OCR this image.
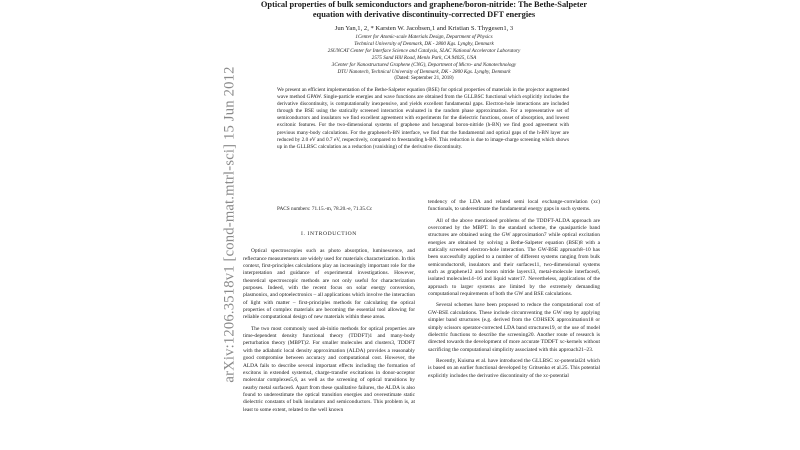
arXiv:1206.3518v1 [cond-mat.mtrl-sci] 15 Jun 2012
Optical properties of bulk semiconductors and graphene/boron-nitride: The Bethe-Salpeter equation with derivative discontinuity-corrected DFT energies
Jun Yan,1, 2, * Karsten W. Jacobsen,1 and Kristian S. Thygesen1, 3
1Center for Atomic-scale Materials Design, Department of Physics
Technical University of Denmark, DK - 2800 Kgs. Lyngby, Denmark
2SUNCAT Center for Interface Science and Catalysis, SLAC National Accelerator Laboratory
2575 Sand Hill Road, Menlo Park, CA 94025, USA
3Center for Nanostructured Graphene (CNG), Department of Micro- and Nanotechnology
DTU Nanotech, Technical University of Denmark, DK - 2800 Kgs. Lyngby, Denmark
(Dated: September 21, 2018)
We present an efficient implementation of the Bethe-Salpeter equation (BSE) for optical properties of materials in the projector augmented wave method GPAW. Single-particle energies and wave functions are obtained from the GLLBSC functional which explicitly includes the derivative discontinuity, is computationally inexpensive, and yields excellent fundamental gaps. Electron-hole interactions are included through the BSE using the statically screened interaction evaluated in the random phase approximation. For a representative set of semiconductors and insulators we find excellent agreement with experiments for the dielectric functions, onset of absorption, and lowest excitonic features. For the two-dimensional systems of graphene and hexagonal boron-nitride (h-BN) we find good agreement with previous many-body calculations. For the graphene/h-BN interface, we find that the fundamental and optical gaps of the h-BN layer are reduced by 2.0 eV and 0.7 eV, respectively, compared to freestanding h-BN. This reduction is due to image-charge screening which shows up in the GLLBSC calculation as a reduction (vanishing) of the derivative discontinuity.
PACS numbers: 71.15.-m, 78.20.-e, 71.35.Cc
I. INTRODUCTION

Optical spectroscopies such as photo absorption, luminescence, and reflectance measurements are widely used for materials characterization. In this context, first-principles calculations play an increasingly important role for the interpretation and guidance of experimental investigations. However, theoretical spectroscopic methods are not only useful for characterization purposes. Indeed, with the recent focus on solar energy conversion, plasmonics, and optoelectronics – all applications which involve the interaction of light with matter – first-principles methods for calculating the optical properties of complex materials are becoming the essential tool allowing for reliable computational design of new materials within these areas.

The two most commonly used ab-initio methods for optical properties are time-dependent density functional theory (TDDFT)1 and many-body perturbation theory (MBPT)2. For smaller molecules and clusters3, TDDFT with the adiabatic local density approximation (ALDA) provides a reasonably good compromise between accuracy and computational cost. However, the ALDA fails to describe several important effects including the formation of excitons in extended systems4, charge-transfer excitations in donor-acceptor molecular complexes5,6, as well as the screening of optical transitions by nearby metal surfaces6. Apart from these qualitative failures, the ALDA is also found to underestimate the optical transition energies and overestimate static dielectric constants of bulk insulators and semiconductors. This problem is, at least to some extent, related to the well known

tendency of the LDA and related semi local exchange-correlation (xc) functionals, to underestimate the fundamental energy gaps in such systems.

All of the above mentioned problems of the TDDFT-ALDA approach are overcomed by the MBPT. In the standard scheme, the quasiparticle band structures are obtained using the GW approximation7 while optical excitation energies are obtained by solving a Bethe-Salpeter equation (BSE)8 with a statically screened electron-hole interaction. The GW-BSE approach8–10 has been successfully applied to a number of different systems ranging from bulk semiconductors8, insulators and their surfaces11, two-dimensional systems such as graphene12 and boron nitride layers13, metal-molecule interfaces6, isolated molecules14–16 and liquid water17. Nevertheless, applications of the approach to larger systems are limited by the extremely demanding computational requirements of both the GW and BSE calculations.

Several schemes have been proposed to reduce the computational cost of GW-BSE calculations. These include circumventing the GW step by applying simpler band structures (e.g. derived from the COHSEX approximation18 or simply scissors operator-corrected LDA band structures19, or the use of model dielectric functions to describe the screening20. Another route of research is directed towards the development of more accurate TDDFT xc-kernels without sacrificing the computational simplicity associated with this approach21–23.

Recently, Kuisma et al. have introduced the GLLBSC xc-potential24 which is based on an earlier functional developed by Gritsenko et al.25. This potential explicitly includes the derivative discontinuity of the xc-potential
